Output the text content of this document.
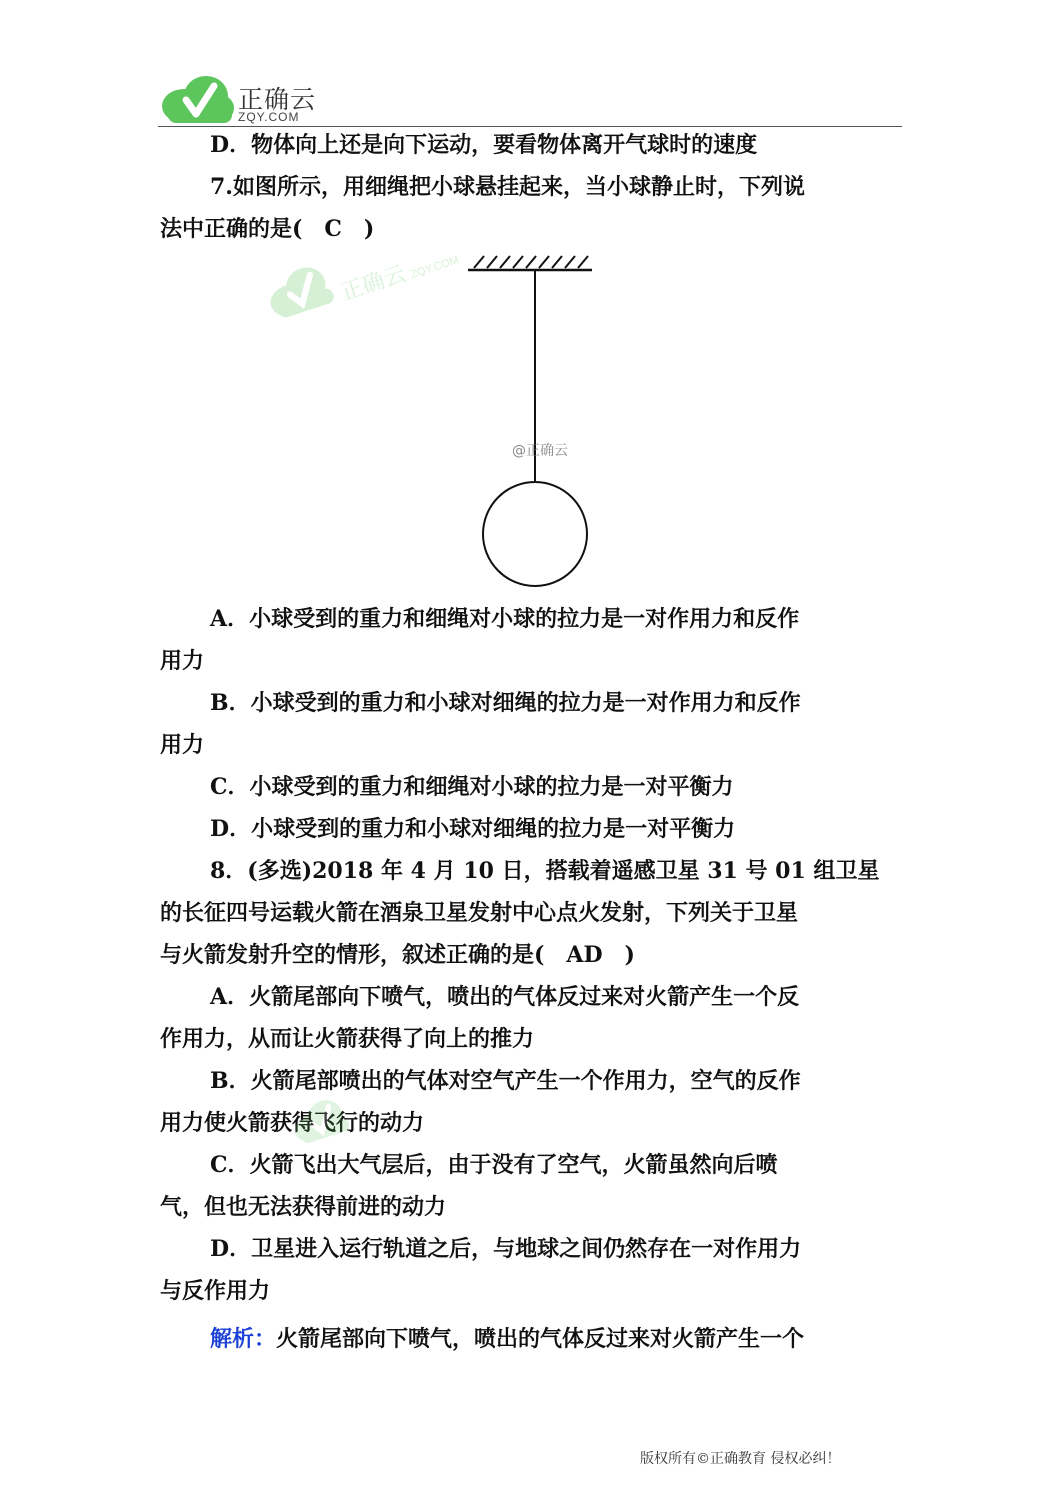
正确云
ZQY.COM

D．物体向上还是向下运动，要看物体离开气球时的速度

7.如图所示，用细绳把小球悬挂起来，当小球静止时，下列说

法中正确的是(　C　)

正确云 ZQY.COM
@正确云

A．小球受到的重力和细绳对小球的拉力是一对作用力和反作

用力

B．小球受到的重力和小球对细绳的拉力是一对作用力和反作

用力

C．小球受到的重力和细绳对小球的拉力是一对平衡力

D．小球受到的重力和小球对细绳的拉力是一对平衡力

8．(多选)2018 年 4 月 10 日，搭载着遥感卫星 31 号 01 组卫星

的长征四号运载火箭在酒泉卫星发射中心点火发射，下列关于卫星

与火箭发射升空的情形，叙述正确的是(　AD　)

A．火箭尾部向下喷气，喷出的气体反过来对火箭产生一个反

作用力，从而让火箭获得了向上的推力

B．火箭尾部喷出的气体对空气产生一个作用力，空气的反作

用力使火箭获得飞行的动力

C．火箭飞出大气层后，由于没有了空气，火箭虽然向后喷

气，但也无法获得前进的动力

D．卫星进入运行轨道之后，与地球之间仍然存在一对作用力

与反作用力

解析：火箭尾部向下喷气，喷出的气体反过来对火箭产生一个

版权所有©正确教育 侵权必纠！
